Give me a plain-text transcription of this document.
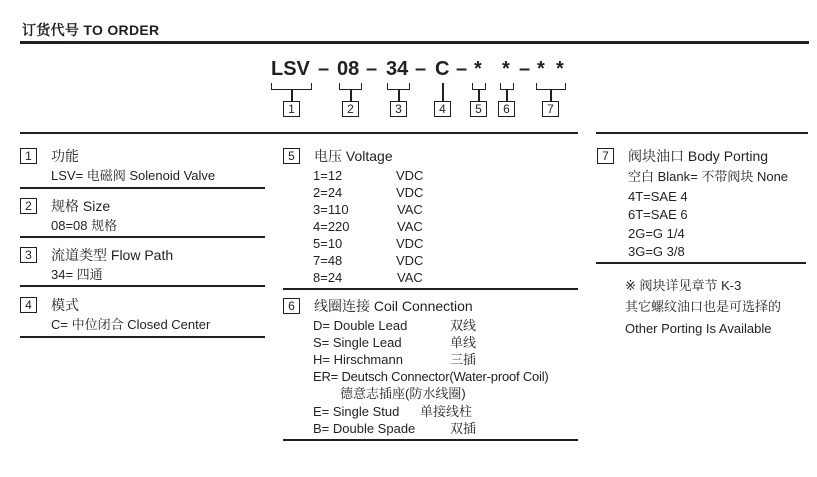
订货代号 TO ORDER
LSV – 08 – 34 – C – * * – * *
1	2	3	4	5	6	7
1	功能
LSV= 电磁阀 Solenoid Valve
2	规格 Size
08=08 规格
3	流道类型 Flow Path
34= 四通
4	模式
C= 中位闭合 Closed Center
5	电压 Voltage
1=12	VDC
2=24	VDC
3=110	VAC
4=220	VAC
5=10	VDC
7=48	VDC
8=24	VAC
6	线圈连接 Coil Connection
D= Double Lead	双线
S= Single Lead	单线
H= Hirschmann	三插
ER= Deutsch Connector(Water-proof Coil)
德意志插座(防水线圈)
E= Single Stud 单接线柱
B= Double Spade	双插
7	阀块油口 Body Porting
空白 Blank= 不带阀块 None
4T=SAE 4
6T=SAE 6
2G=G 1/4
3G=G 3/8
※ 阀块详见章节 K-3
其它螺纹油口也是可选择的
Other Porting Is Available
